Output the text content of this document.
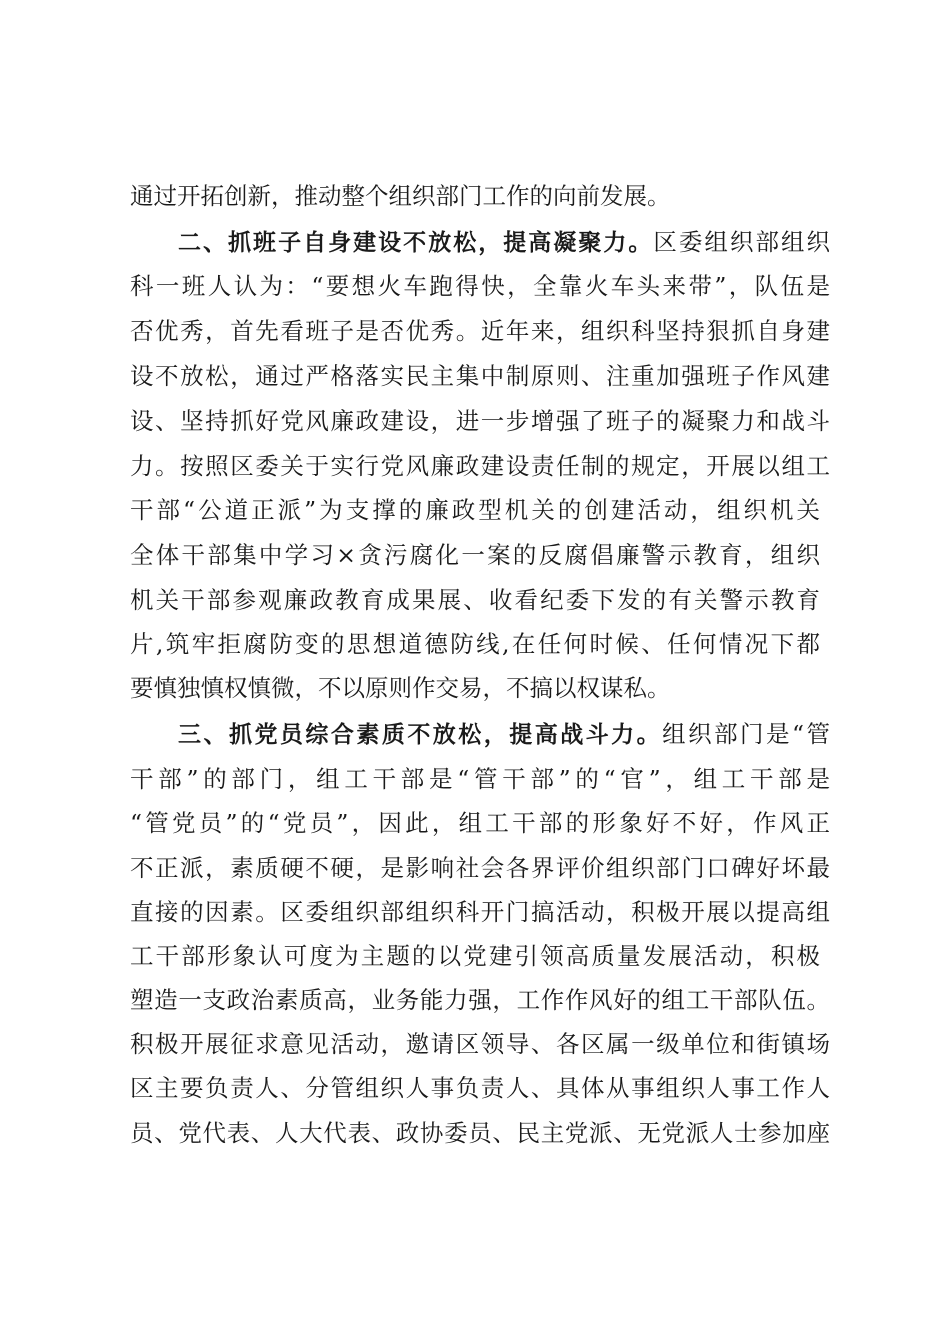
通过开拓创新，推动整个组织部门工作的向前发展。
二、抓班子自身建设不放松，提高凝聚力。区委组织部组织
科一班人认为：“要想火车跑得快，全靠火车头来带”，队伍是
否优秀，首先看班子是否优秀。近年来，组织科坚持狠抓自身建
设不放松，通过严格落实民主集中制原则、注重加强班子作风建
设、坚持抓好党风廉政建设，进一步增强了班子的凝聚力和战斗
力。按照区委关于实行党风廉政建设责任制的规定，开展以组工
干部“公道正派”为支撑的廉政型机关的创建活动，组织机关
全体干部集中学习×贪污腐化一案的反腐倡廉警示教育，组织
机关干部参观廉政教育成果展、收看纪委下发的有关警示教育
片,筑牢拒腐防变的思想道德防线,在任何时候、任何情况下都
要慎独慎权慎微，不以原则作交易，不搞以权谋私。
三、抓党员综合素质不放松，提高战斗力。组织部门是“管
干部”的部门，组工干部是“管干部”的“官”，组工干部是
“管党员”的“党员”，因此，组工干部的形象好不好，作风正
不正派，素质硬不硬，是影响社会各界评价组织部门口碑好坏最
直接的因素。区委组织部组织科开门搞活动，积极开展以提高组
工干部形象认可度为主题的以党建引领高质量发展活动，积极
塑造一支政治素质高，业务能力强，工作作风好的组工干部队伍。
积极开展征求意见活动，邀请区领导、各区属一级单位和街镇场
区主要负责人、分管组织人事负责人、具体从事组织人事工作人
员、党代表、人大代表、政协委员、民主党派、无党派人士参加座
